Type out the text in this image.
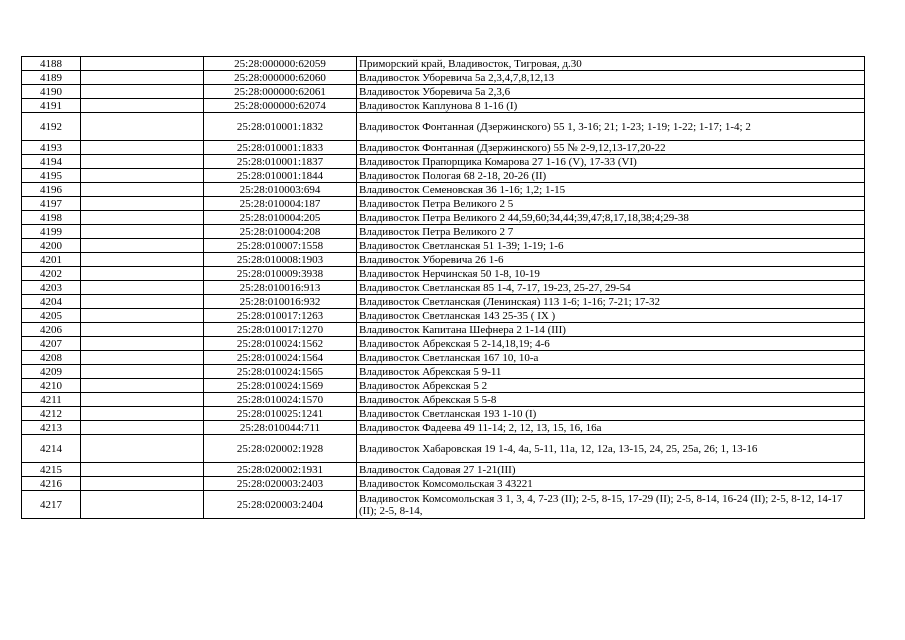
4188		25:28:000000:62059	Приморский край, Владивосток, Тигровая, д.30
4189		25:28:000000:62060	Владивосток Уборевича 5а 2,3,4,7,8,12,13
4190		25:28:000000:62061	Владивосток Уборевича 5а 2,3,6
4191		25:28:000000:62074	Владивосток Каплунова 8 1-16 (I)
4192		25:28:010001:1832	Владивосток Фонтанная (Дзержинского) 55 1, 3-16; 21; 1-23; 1-19; 1-22; 1-17; 1-4; 2
4193		25:28:010001:1833	Владивосток Фонтанная (Дзержинского) 55 № 2-9,12,13-17,20-22
4194		25:28:010001:1837	Владивосток Прапорщика Комарова 27 1-16 (V), 17-33 (VI)
4195		25:28:010001:1844	Владивосток Пологая 68 2-18, 20-26 (II)
4196		25:28:010003:694	Владивосток Семеновская 36 1-16; 1,2; 1-15
4197		25:28:010004:187	Владивосток Петра Великого 2 5
4198		25:28:010004:205	Владивосток Петра Великого 2 44,59,60;34,44;39,47;8,17,18,38;4;29-38
4199		25:28:010004:208	Владивосток Петра Великого 2 7
4200		25:28:010007:1558	Владивосток Светланская 51 1-39; 1-19; 1-6
4201		25:28:010008:1903	Владивосток Уборевича 26 1-6
4202		25:28:010009:3938	Владивосток Нерчинская 50 1-8, 10-19
4203		25:28:010016:913	Владивосток Светланская 85 1-4, 7-17, 19-23, 25-27, 29-54
4204		25:28:010016:932	Владивосток Светланская (Ленинская) 113 1-6; 1-16; 7-21; 17-32
4205		25:28:010017:1263	Владивосток Светланская 143 25-35 ( IX )
4206		25:28:010017:1270	Владивосток Капитана Шефнера 2 1-14 (III)
4207		25:28:010024:1562	Владивосток Абрекская 5 2-14,18,19; 4-6
4208		25:28:010024:1564	Владивосток Светланская 167 10, 10-а
4209		25:28:010024:1565	Владивосток Абрекская 5 9-11
4210		25:28:010024:1569	Владивосток Абрекская 5 2
4211		25:28:010024:1570	Владивосток Абрекская 5 5-8
4212		25:28:010025:1241	Владивосток Светланская 193 1-10 (I)
4213		25:28:010044:711	Владивосток Фадеева 49 11-14; 2, 12, 13, 15, 16, 16а
4214		25:28:020002:1928	Владивосток Хабаровская 19 1-4, 4а, 5-11, 11а, 12, 12а, 13-15, 24, 25, 25а, 26; 1, 13-16
4215		25:28:020002:1931	Владивосток Садовая 27 1-21(III)
4216		25:28:020003:2403	Владивосток Комсомольская 3 43221
4217		25:28:020003:2404	Владивосток Комсомольская 3 1, 3, 4, 7-23 (II); 2-5, 8-15, 17-29 (II); 2-5, 8-14, 16-24 (II); 2-5, 8-12, 14-17 (II); 2-5, 8-14,
